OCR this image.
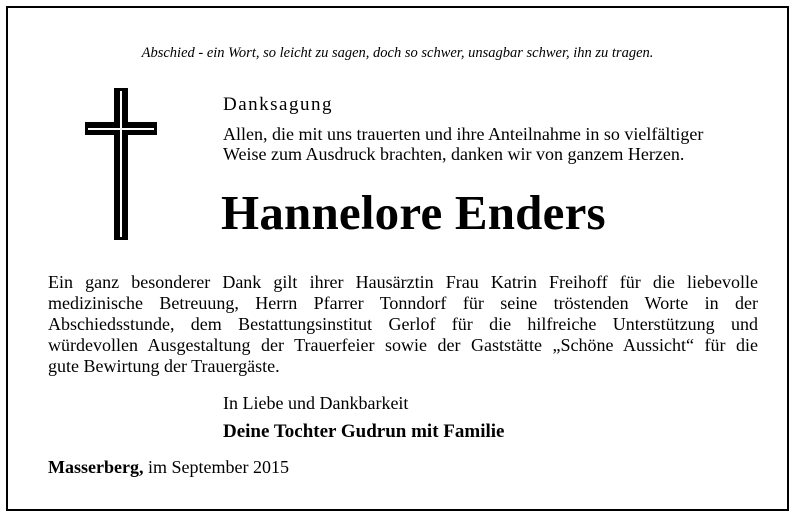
Abschied - ein Wort, so leicht zu sagen, doch so schwer, unsagbar schwer, ihn zu tragen.
Danksagung
Allen, die mit uns trauerten und ihre Anteilnahme in so vielfältiger
Weise zum Ausdruck brachten, danken wir von ganzem Herzen.
Hannelore Enders
Ein ganz besonderer Dank gilt ihrer Hausärztin Frau Katrin Freihoff für die liebevolle
medizinische Betreuung, Herrn Pfarrer Tonndorf für seine tröstenden Worte in der
Abschiedsstunde, dem Bestattungsinstitut Gerlof für die hilfreiche Unterstützung und
würdevollen Ausgestaltung der Trauerfeier sowie der Gaststätte „Schöne Aussicht“ für die
gute Bewirtung der Trauergäste.
In Liebe und Dankbarkeit
Deine Tochter Gudrun mit Familie
Masserberg, im September 2015
